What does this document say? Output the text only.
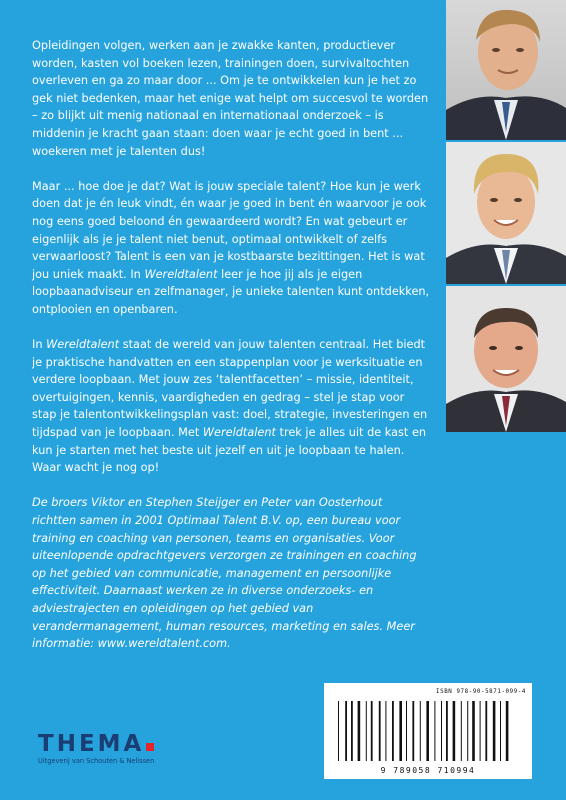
Opleidingen volgen, werken aan je zwakke kanten, productiever worden, kasten vol boeken lezen, trainingen doen, survivaltochten overleven en ga zo maar door ... Om je te ontwikkelen kun je het zo gek niet bedenken, maar het enige wat helpt om succesvol te worden – zo blijkt uit menig nationaal en internationaal onderzoek – is middenin je kracht gaan staan: doen waar je echt goed in bent ... woekeren met je talenten dus!

Maar ... hoe doe je dat? Wat is jouw speciale talent? Hoe kun je werk doen dat je én leuk vindt, én waar je goed in bent én waarvoor je ook nog eens goed beloond én gewaardeerd wordt? En wat gebeurt er eigenlijk als je je talent niet benut, optimaal ontwikkelt of zelfs verwaarloost? Talent is een van je kostbaarste bezittingen. Het is wat jou uniek maakt. In Wereldtalent leer je hoe jij als je eigen loopbaanadviseur en zelfmanager, je unieke talenten kunt ontdekken, ontplooien en openbaren.

In Wereldtalent staat de wereld van jouw talenten centraal. Het biedt je praktische handvatten en een stappenplan voor je werksituatie en verdere loopbaan. Met jouw zes ‘talentfacetten’ – missie, identiteit, overtuigingen, kennis, vaardigheden en gedrag – stel je stap voor stap je talentontwikkelingsplan vast: doel, strategie, investeringen en tijdspad van je loopbaan. Met Wereldtalent trek je alles uit de kast en kun je starten met het beste uit jezelf en uit je loopbaan te halen. Waar wacht je nog op!

De broers Viktor en Stephen Steijger en Peter van Oosterhout richtten samen in 2001 Optimaal Talent B.V. op, een bureau voor training en coaching van personen, teams en organisaties. Voor uiteenlopende opdrachtgevers verzorgen ze trainingen en coaching op het gebied van communicatie, management en persoonlijke effectiviteit. Daarnaast werken ze in diverse onderzoeks- en adviestrajecten en opleidingen op het gebied van verandermanagement, human resources, marketing en sales. Meer informatie: www.wereldtalent.com.

ISBN 978-90-5871-099-4
9 789058 710994
THEMA
Uitgeverij van Schouten & Nelissen
